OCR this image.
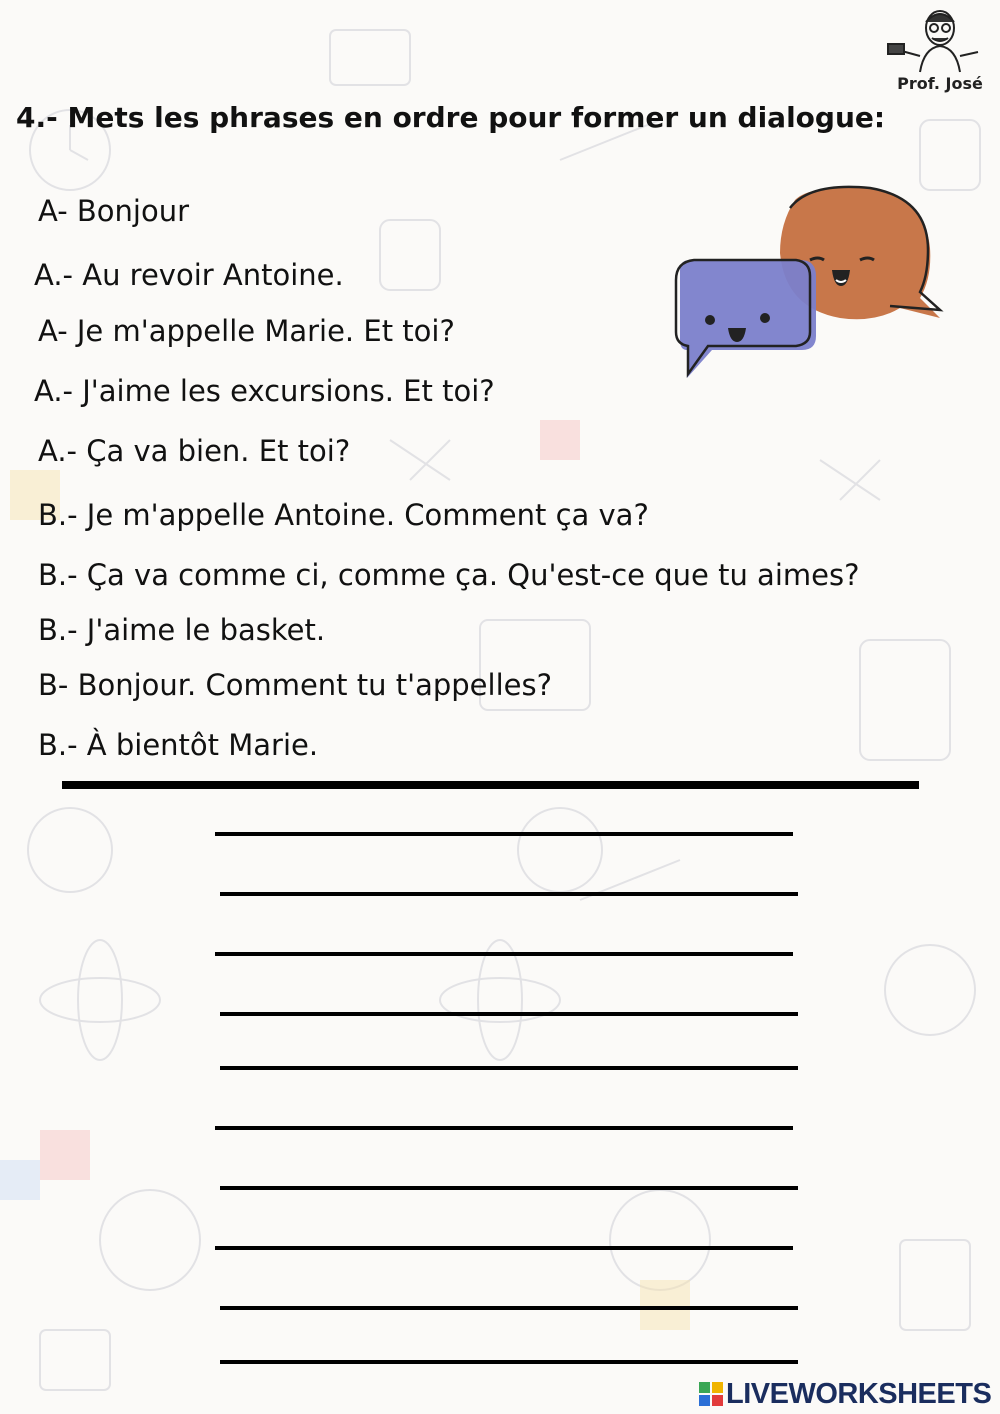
Prof. José
4.- Mets les phrases en ordre pour former un dialogue:
A- Bonjour
A.- Au revoir Antoine.
A- Je m'appelle Marie. Et toi?
A.- J'aime les excursions. Et toi?
A.- Ça va bien. Et toi?
B.- Je m'appelle Antoine. Comment ça va?
B.- Ça va comme ci, comme ça. Qu'est-ce que tu aimes?
B.- J'aime le basket.
B- Bonjour. Comment tu t'appelles?
B.- À bientôt Marie.
LIVEWORKSHEETS
